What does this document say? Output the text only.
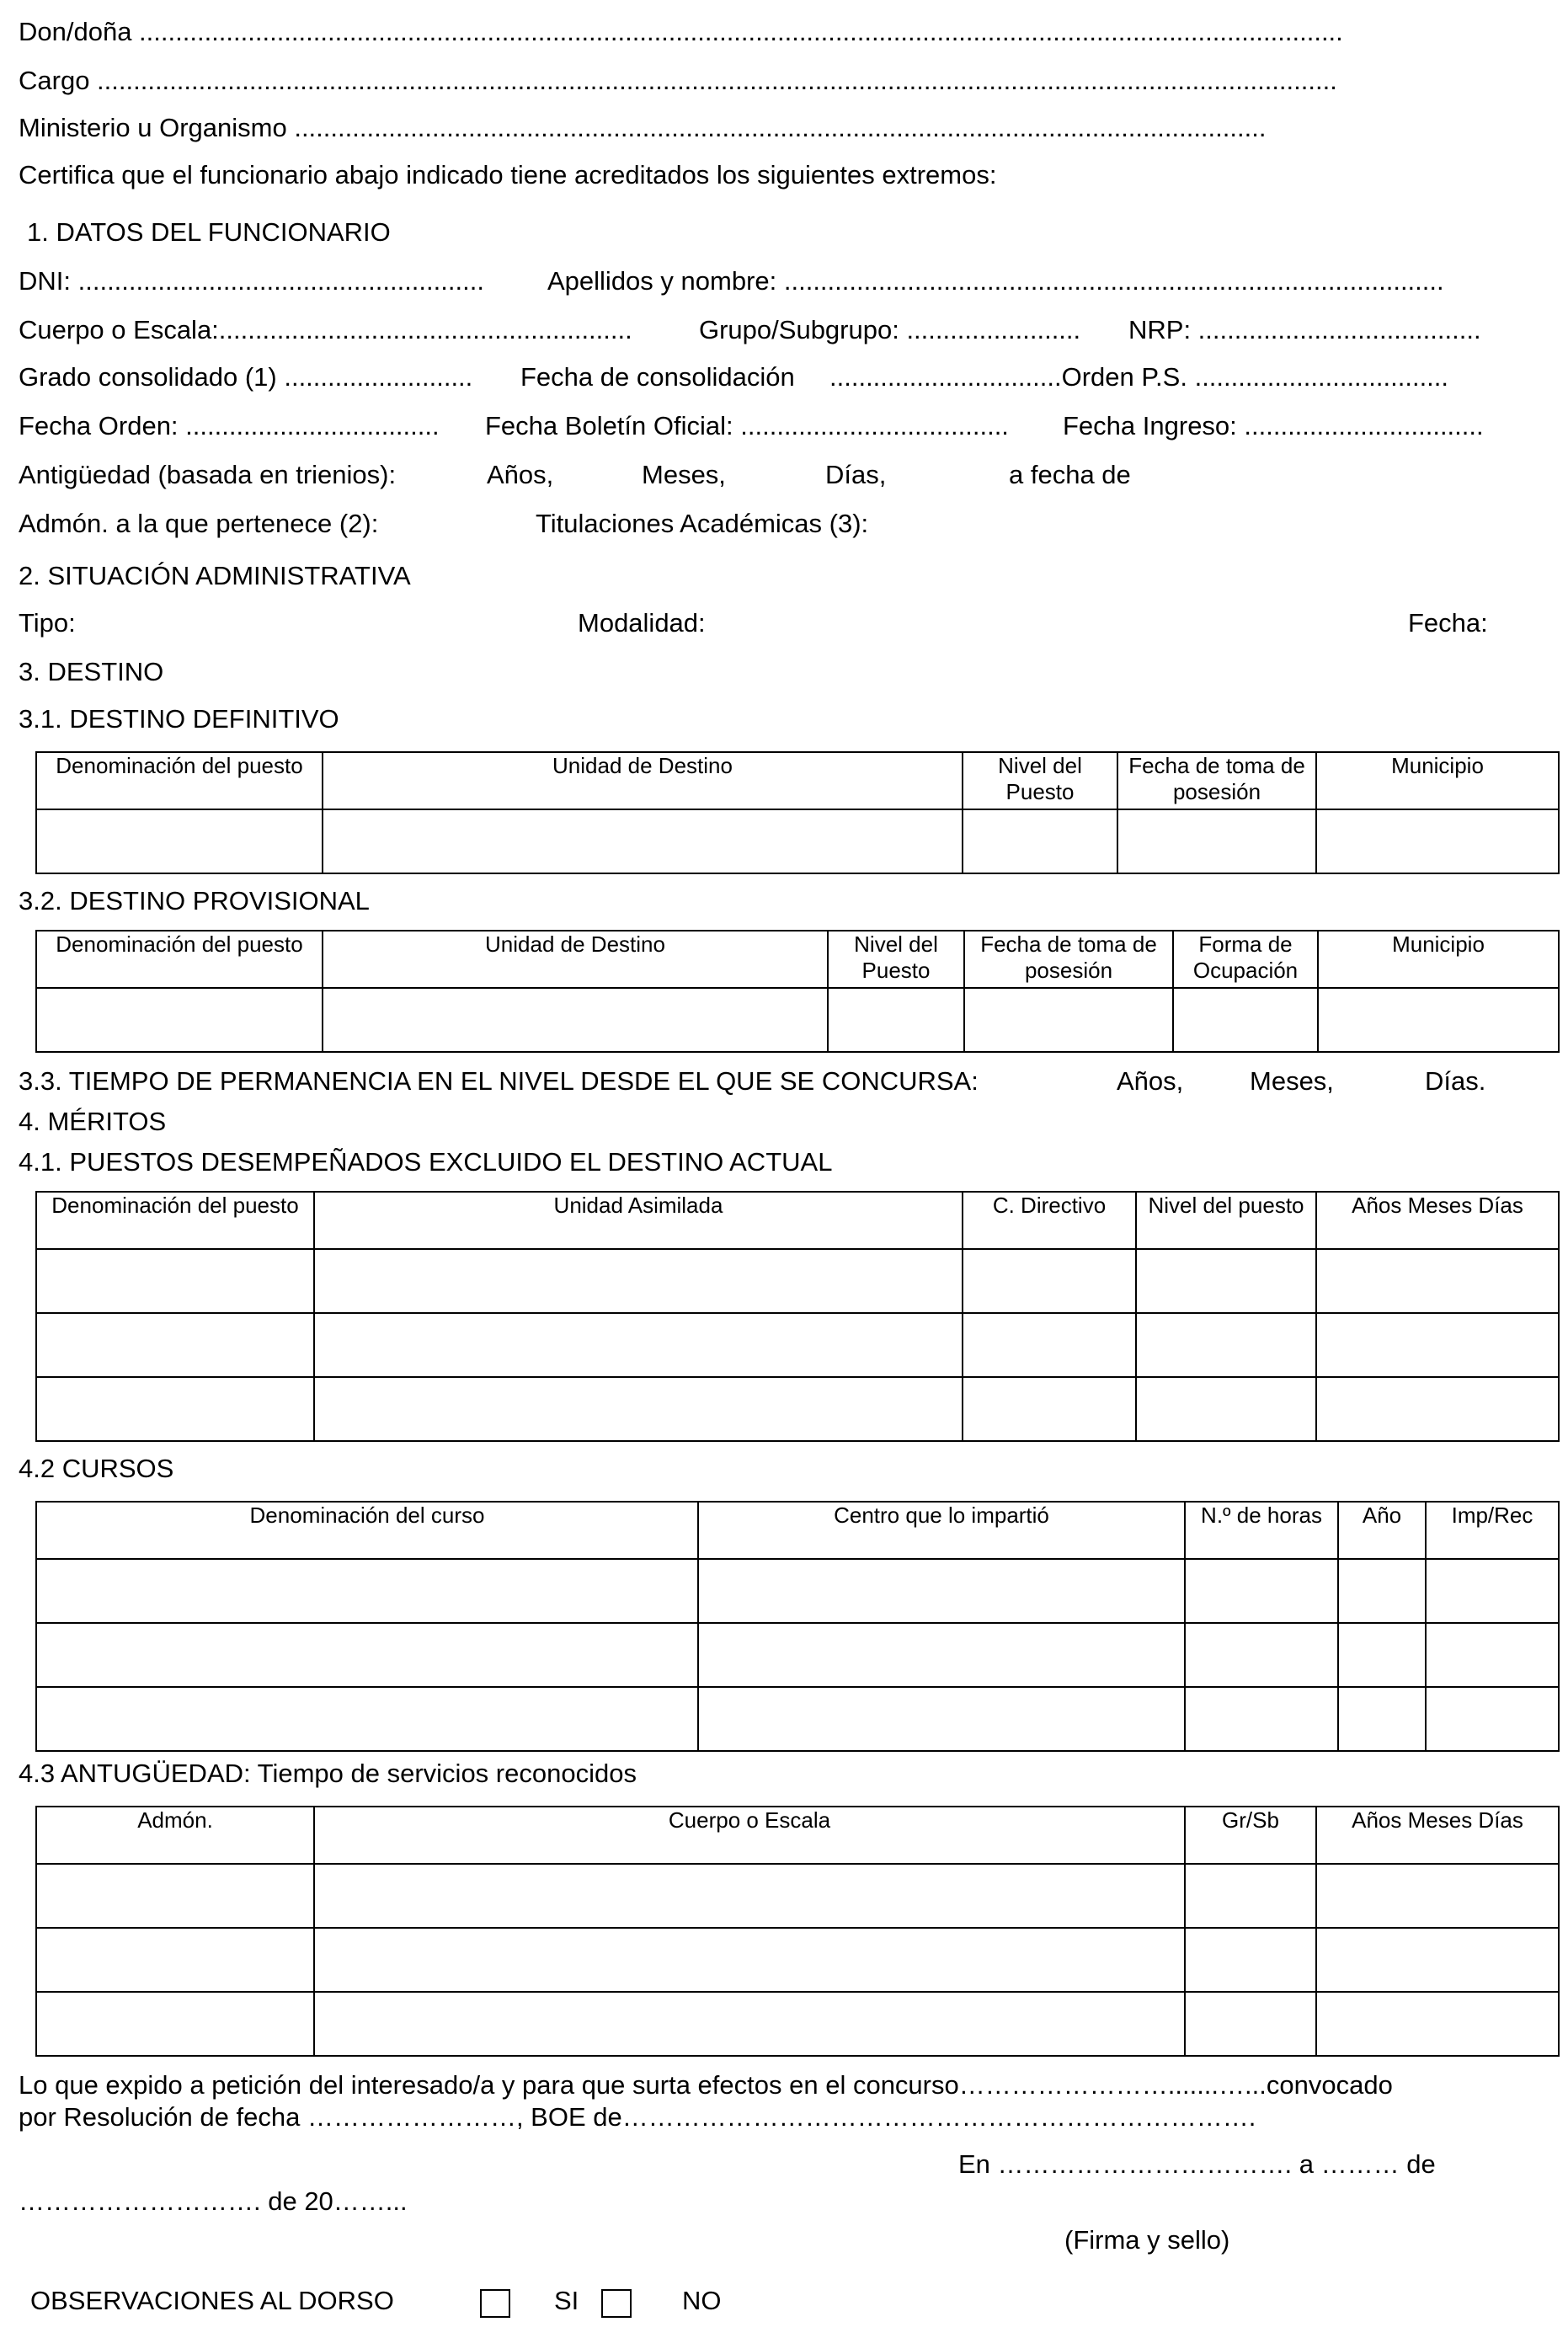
Don/doña ......................................................................................................................................................................
Cargo ...........................................................................................................................................................................
Ministerio u Organismo ......................................................................................................................................
Certifica que el funcionario abajo indicado tiene acreditados los siguientes extremos:
1. DATOS DEL FUNCIONARIO
DNI: ........................................................ Apellidos y nombre: ...........................................................................................
Cuerpo o Escala:.........................................................	Grupo/Subgrupo: ........................ NRP: .......................................
Grado consolidado (1) .......................... Fecha de consolidación ................................Orden P.S. ...................................
Fecha Orden: ................................... Fecha Boletín Oficial: ..................................... Fecha Ingreso: .................................
Antigüedad (basada en trienios):	Años,	Meses,	Días,	a fecha de
Admón. a la que pertenece (2):	Titulaciones Académicas (3):
2. SITUACIÓN ADMINISTRATIVA
Tipo:	Modalidad:	Fecha:
3. DESTINO
3.1. DESTINO DEFINITIVO
Denominación del puesto	Unidad de Destino	Nivel del Puesto	Fecha de toma de posesión	Municipio

3.2. DESTINO PROVISIONAL
Denominación del puesto	Unidad de Destino	Nivel del Puesto	Fecha de toma de posesión	Forma de Ocupación	Municipio

3.3. TIEMPO DE PERMANENCIA EN EL NIVEL DESDE EL QUE SE CONCURSA:	Años,	Meses,	Días.
4. MÉRITOS
4.1. PUESTOS DESEMPEÑADOS EXCLUIDO EL DESTINO ACTUAL
Denominación del puesto	Unidad Asimilada	C. Directivo	Nivel del puesto	Años Meses Días

4.2 CURSOS
Denominación del curso	Centro que lo impartió	N.º de horas	Año	Imp/Rec

4.3 ANTUGÜEDAD: Tiempo de servicios reconocidos
Admón.	Cuerpo o Escala	Gr/Sb	Años Meses Días

Lo que expido a petición del interesado/a y para que surta efectos en el concurso…………………….......…...convocado
por Resolución de fecha ……………………, BOE de……………………………………………………………….
En ……………………………. a ……… de
………………………. de 20……...
(Firma y sello)
OBSERVACIONES AL DORSO	SI	NO
